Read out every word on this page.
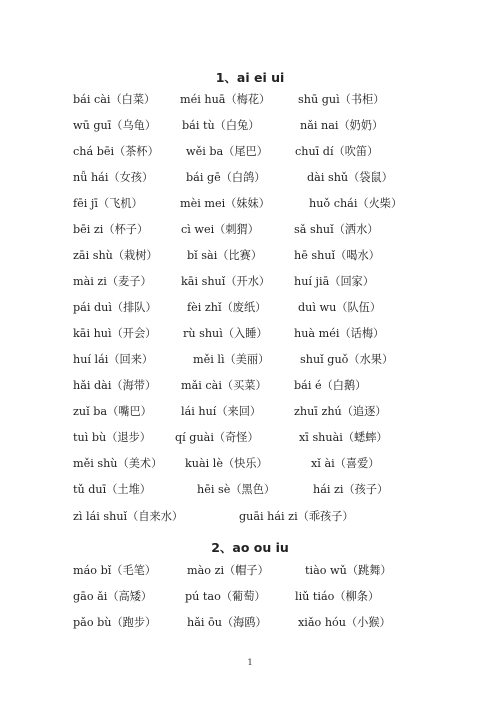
1、ai ei ui
bái cài（白菜） méi huā（梅花） shū guì（书柜）
wū guī（乌龟） bái tù（白兔）	nǎi nai（奶奶）
chá bēi（茶杯） wěi ba（尾巴） chuī dí（吹笛）
nǚ hái（女孩）	bái gē（白鸽）	dài shǔ（袋鼠）
fēi jī（飞机）	mèi mei（妹妹）	huǒ chái（火柴）
bēi zi（杯子）	cì wei（刺猬）	sǎ shuǐ（洒水）
zāi shù（栽树）	bǐ sài（比赛）	hē shuǐ（喝水）
mài zi（麦子）	kāi shuǐ（开水） huí jiā（回家）
pái duì（排队）	fèi zhǐ（废纸）	duì wu（队伍）
kāi huì（开会） rù shuì（入睡） huà méi（话梅）
huí lái（回来）	měi lì（美丽）	shuǐ guǒ（水果）
hǎi dài（海带） mǎi cài（买菜） bái é（白鹅）
zuǐ ba（嘴巴）	lái huí（来回）	zhuī zhú（追逐）
tuì bù（退步） qí guài（奇怪）	xī shuài（蟋蟀）
měi shù（美术） kuài lè（快乐）	xǐ ài（喜爱）
tǔ duī（土堆）	hēi sè（黑色）	hái zi（孩子）
zì lái shuǐ（自来水）	guāi hái zi（乖孩子）
2、ao ou iu
máo bǐ（毛笔）	mào zi（帽子）	tiào wǔ（跳舞）
gāo ǎi（高矮）	pú tao（葡萄）	liǔ tiáo（柳条）
pǎo bù（跑步）	hǎi ōu（海鸥）	xiǎo hóu（小猴）
1
